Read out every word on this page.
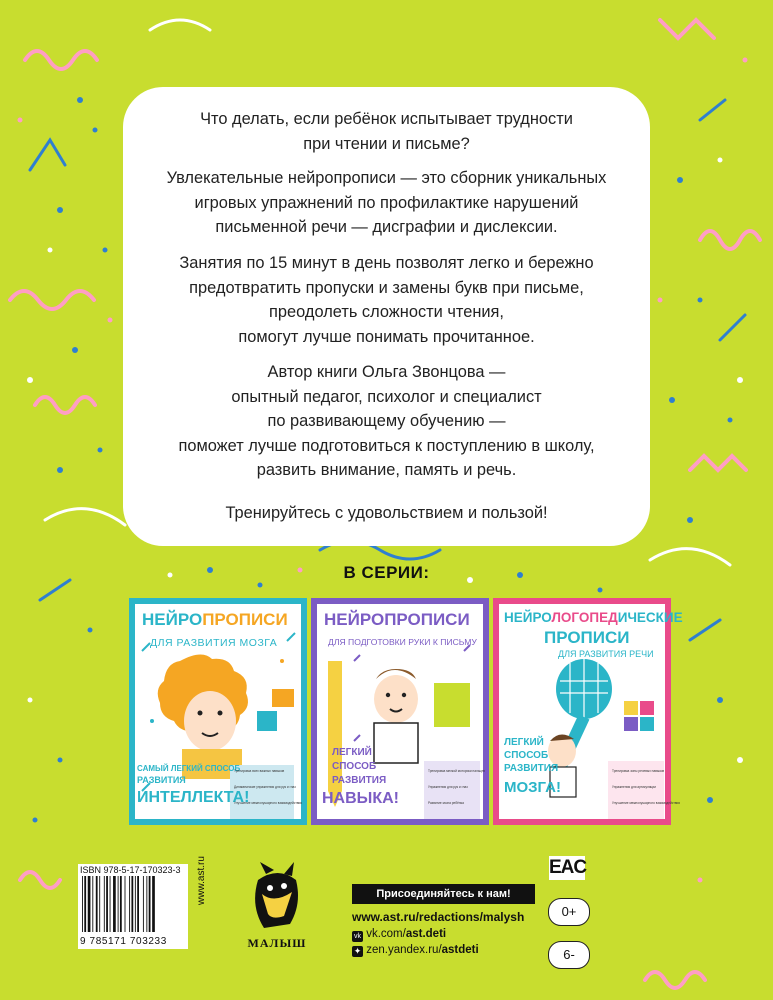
Что делать, если ребёнок испытывает трудности
при чтении и письме?
Увлекательные нейропрописи — это сборник уникальных
игровых упражнений по профилактике нарушений
письменной речи — дисграфии и дислексии.
Занятия по 15 минут в день позволят легко и бережно
предотвратить пропуски и замены букв при письме,
преодолеть сложности чтения,
помогут лучше понимать прочитанное.
Автор книги Ольга Звонцова —
опытный педагог, психолог и специалист
по развивающему обучению —
поможет лучше подготовиться к поступлению в школу,
развить внимание, память и речь.
Тренируйтесь с удовольствием и пользой!
В СЕРИИ:
НЕЙРОПРОПИСИ
ДЛЯ РАЗВИТИЯ МОЗГА
САМЫЙ ЛЕГКИЙ СПОСОБ
РАЗВИТИЯ
ИНТЕЛЛЕКТА!
Тренировка всех важных навыков
Динамические упражнения для рук и глаз
Улучшение межполушарного взаимодействия
НЕЙРОПРОПИСИ
ДЛЯ ПОДГОТОВКИ РУКИ К ПИСЬМУ
ЛЕГКИЙ
СПОСОБ
РАЗВИТИЯ
НАВЫКА!
Тренировка мелкой моторики пальцев
Упражнения для рук и глаз
Развитие мозга ребёнка
НЕЙРОЛОГОПЕДИЧЕСКИЕ
ПРОПИСИ
ДЛЯ РАЗВИТИЯ РЕЧИ
ЛЕГКИЙ
СПОСОБ
РАЗВИТИЯ
МОЗГА!
Тренировка зоны речевых навыков
Упражнения для артикуляции
Улучшение межполушарного взаимодействия
ISBN 978-5-17-170323-3
9 785171 703233
www.ast.ru
МАЛЫШ
Присоединяйтесь к нам!
www.ast.ru/redactions/malysh
vk vk.com/ast.deti
✦ zen.yandex.ru/astdeti
EAC
0+
6-
